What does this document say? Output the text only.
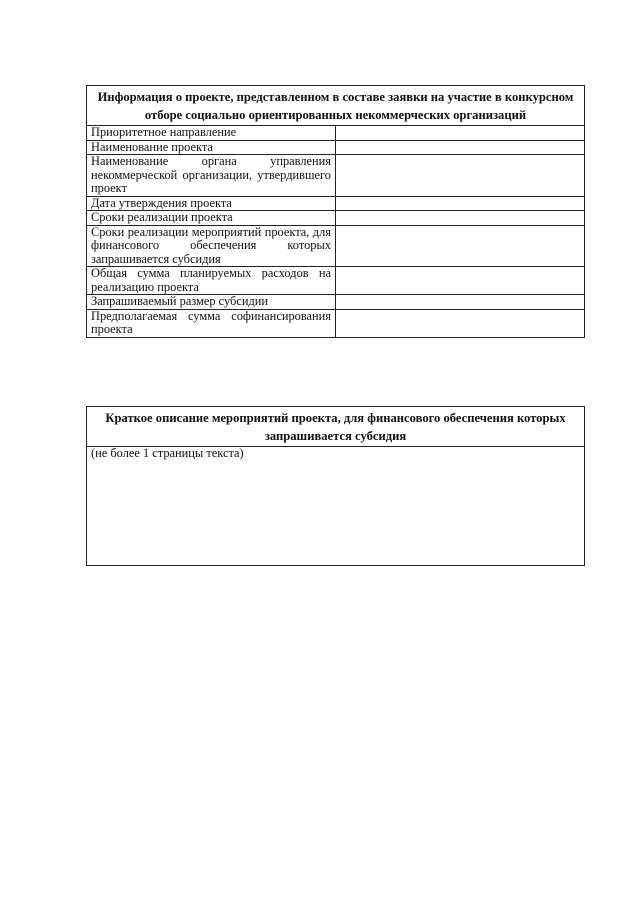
Информация о проекте, представленном в составе заявки на участие в конкурсном отборе социально ориентированных некоммерческих организаций	
Приоритетное направление	
Наименование проекта	
Наименование органа управления некоммерческой организации, утвердившего проект	
Дата утверждения проекта	
Сроки реализации проекта	
Сроки реализации мероприятий проекта, для финансового обеспечения которых запрашивается субсидия	
Общая сумма планируемых расходов на реализацию проекта	
Запрашиваемый размер субсидии	
Предполагаемая сумма софинансирования проекта	
Краткое описание мероприятий проекта, для финансового обеспечения которых запрашивается субсидия
(не более 1 страницы текста)
